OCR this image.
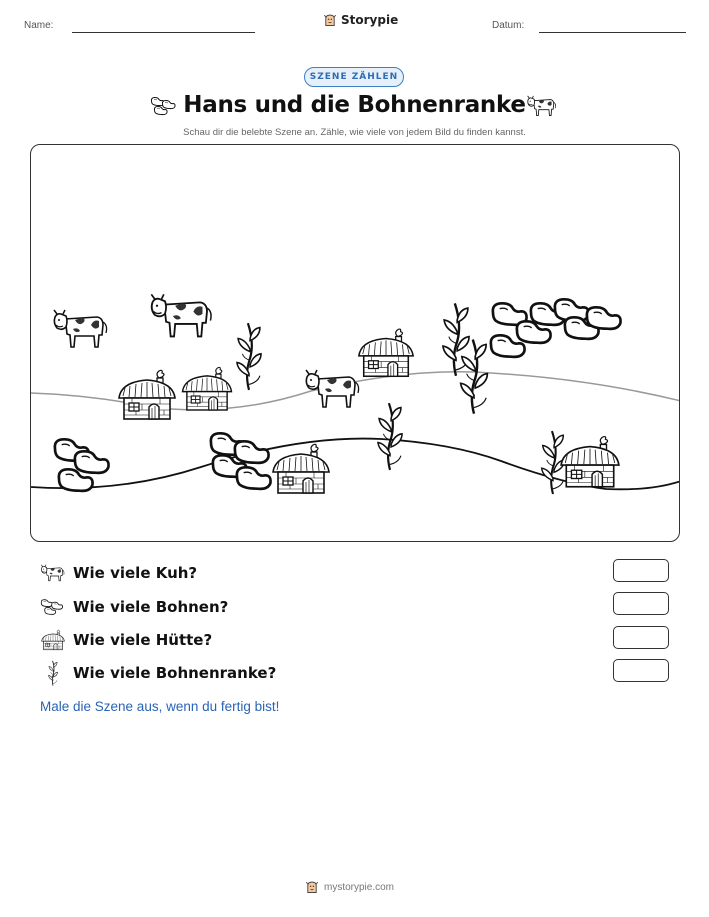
Name:	Storypie	Datum:
SZENE ZÄHLEN
Hans und die Bohnenranke
Schau dir die belebte Szene an. Zähle, wie viele von jedem Bild du finden kannst.
Wie viele Kuh?
Wie viele Bohnen?
Wie viele Hütte?
Wie viele Bohnenranke?
Male die Szene aus, wenn du fertig bist!
mystorypie.com
